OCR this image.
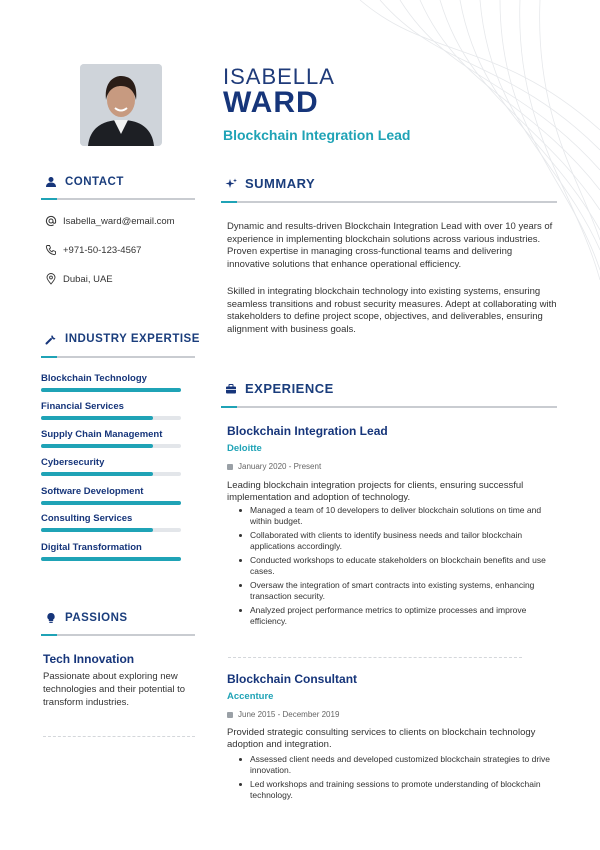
ISABELLA
WARD
Blockchain Integration Lead
CONTACT
Isabella_ward@email.com
+971-50-123-4567
Dubai, UAE
INDUSTRY EXPERTISE
Blockchain Technology
Financial Services
Supply Chain Management
Cybersecurity
Software Development
Consulting Services
Digital Transformation
PASSIONS
Tech Innovation
Passionate about exploring new technologies and their potential to transform industries.
SUMMARY
Dynamic and results-driven Blockchain Integration Lead with over 10 years of experience in implementing blockchain solutions across various industries. Proven expertise in managing cross-functional teams and delivering innovative solutions that enhance operational efficiency.
Skilled in integrating blockchain technology into existing systems, ensuring seamless transitions and robust security measures. Adept at collaborating with stakeholders to define project scope, objectives, and deliverables, ensuring alignment with business goals.
EXPERIENCE
Blockchain Integration Lead
Deloitte
January 2020 - Present
Leading blockchain integration projects for clients, ensuring successful implementation and adoption of technology.
Managed a team of 10 developers to deliver blockchain solutions on time and within budget.
Collaborated with clients to identify business needs and tailor blockchain applications accordingly.
Conducted workshops to educate stakeholders on blockchain benefits and use cases.
Oversaw the integration of smart contracts into existing systems, enhancing transaction security.
Analyzed project performance metrics to optimize processes and improve efficiency.
Blockchain Consultant
Accenture
June 2015 - December 2019
Provided strategic consulting services to clients on blockchain technology adoption and integration.
Assessed client needs and developed customized blockchain strategies to drive innovation.
Led workshops and training sessions to promote understanding of blockchain technology.
